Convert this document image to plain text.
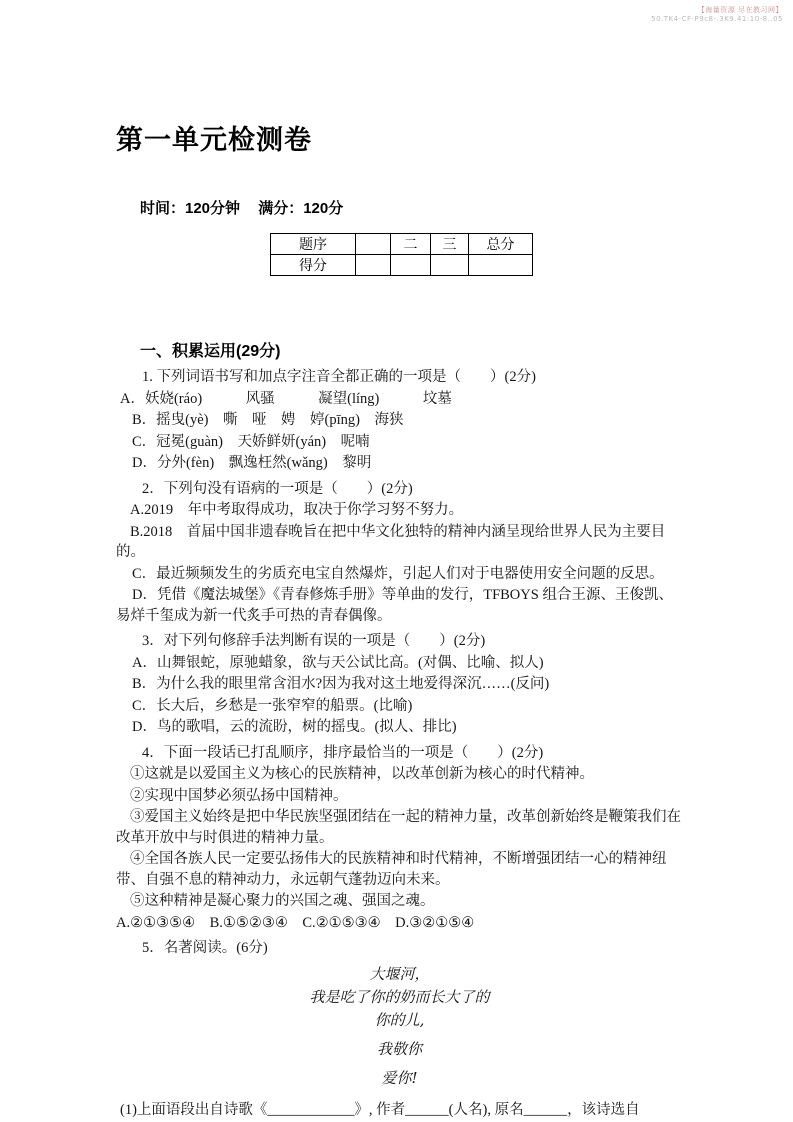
【海量资源 尽在教习网】
50.TK4-CF-P9c8-.3K9.41:10-8..05
第一单元检测卷
时间：120分钟 满分：120分
题序		二	三	总分
得分				
一、积累运用(29分)

1. 下列词语书写和加点字注音全都正确的一项是（　　）(2分)

A．妖娆(ráo)　　　风骚　　　凝望(líng)　　　坟墓

B．摇曳(yè)　嘶　哑　娉　婷(pīng)　海狭

C．冠冕(guàn)　天娇鲜妍(yán)　呢喃

D．分外(fèn)　飘逸枉然(wǎng)　黎明

2．下列句没有语病的一项是（　　）(2分)

A.2019　年中考取得成功，取决于你学习努不努力。

B.2018　首届中国非遗春晚旨在把中华文化独特的精神内涵呈现给世界人民为主要目的。

C．最近频频发生的劣质充电宝自然爆炸，引起人们对于电器使用安全问题的反思。

D．凭借《魔法城堡》《青春修炼手册》等单曲的发行，TFBOYS 组合王源、王俊凯、易烊千玺成为新一代炙手可热的青春偶像。

3．对下列句修辞手法判断有误的一项是（　　）(2分)

A．山舞银蛇，原驰蜡象，欲与天公试比高。(对偶、比喻、拟人)

B．为什么我的眼里常含泪水?因为我对这土地爱得深沉……(反问)

C．长大后，乡愁是一张窄窄的船票。(比喻)

D．鸟的歌唱，云的流盼，树的摇曳。(拟人、排比)

4．下面一段话已打乱顺序，排序最恰当的一项是（　　）(2分)

①这就是以爱国主义为核心的民族精神，以改革创新为核心的时代精神。

②实现中国梦必须弘扬中国精神。

③爱国主义始终是把中华民族坚强团结在一起的精神力量，改革创新始终是鞭策我们在改革开放中与时俱进的精神力量。

④全国各族人民一定要弘扬伟大的民族精神和时代精神，不断增强团结一心的精神纽带、自强不息的精神动力，永远朝气蓬勃迈向未来。

⑤这种精神是凝心聚力的兴国之魂、强国之魂。

A.②①③⑤④　B.①⑤②③④　C.②①⑤③④　D.③②①⑤④

5．名著阅读。(6分)

大堰河，
我是吃了你的奶而长大了的
你的儿,
我敬你
爱你!

(1)上面语段出自诗歌《____________》, 作者______(人名), 原名______，该诗选自
